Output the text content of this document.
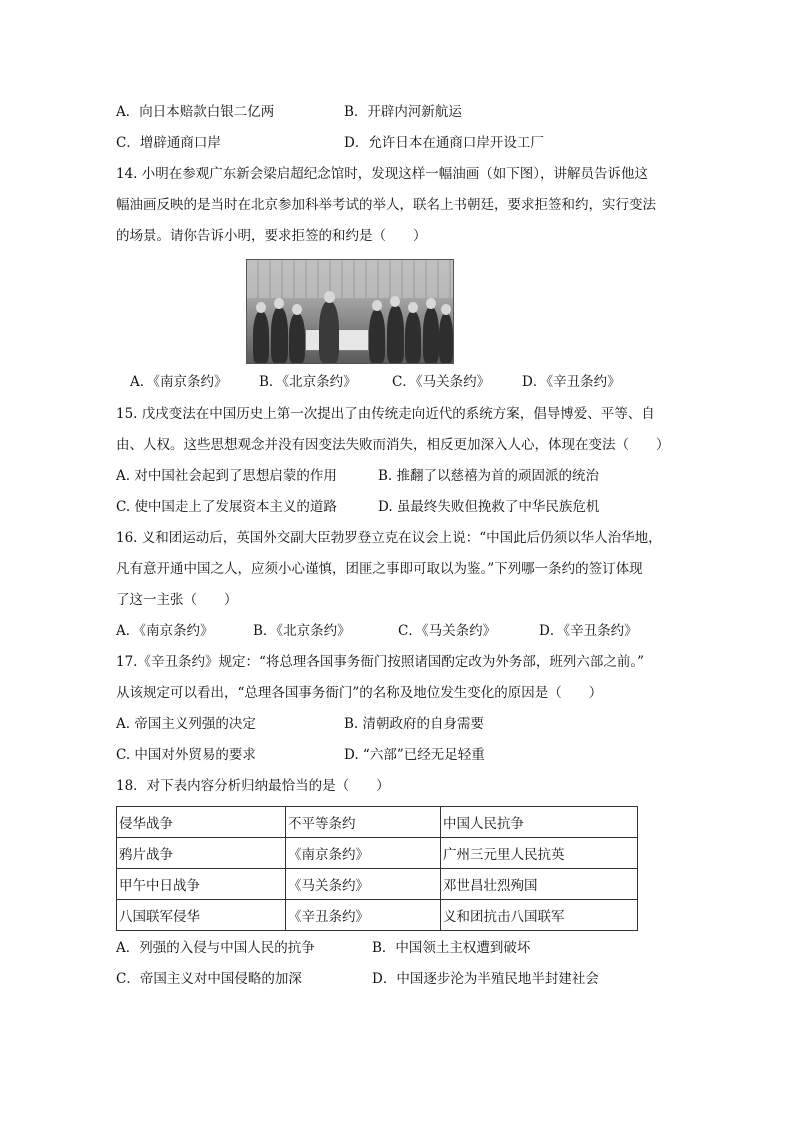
A．向日本赔款白银二亿两	B．开辟内河新航运
C．增辟通商口岸	D．允许日本在通商口岸开设工厂
14. 小明在参观广东新会梁启超纪念馆时，发现这样一幅油画（如下图），讲解员告诉他这
幅油画反映的是当时在北京参加科举考试的举人，联名上书朝廷，要求拒签和约，实行变法
的场景。请你告诉小明，要求拒签的和约是（　　）
A．《南京条约》 B．《北京条约》	C．《马关条约》 D．《辛丑条约》
15. 戊戌变法在中国历史上第一次提出了由传统走向近代的系统方案，倡导博爱、平等、自
由、人权。这些思想观念并没有因变法失败而消失，相反更加深入人心，体现在变法（　　）
A. 对中国社会起到了思想启蒙的作用	B. 推翻了以慈禧为首的顽固派的统治
C. 使中国走上了发展资本主义的道路	D. 虽最终失败但挽救了中华民族危机
16. 义和团运动后，英国外交副大臣勃罗登立克在议会上说：“中国此后仍须以华人治华地，
凡有意开通中国之人，应须小心谨慎，团匪之事即可取以为鉴。”下列哪一条约的签订体现
了这一主张（　　）
A．《南京条约》	B．《北京条约》	C．《马关条约》	D．《辛丑条约》
17.《辛丑条约》规定：“将总理各国事务衙门按照诸国酌定改为外务部，班列六部之前。”
从该规定可以看出，“总理各国事务衙门”的名称及地位发生变化的原因是（　　）
A. 帝国主义列强的决定	B. 清朝政府的自身需要
C. 中国对外贸易的要求	D. “六部”已经无足轻重
18．对下表内容分析归纳最恰当的是（　　）
侵华战争	不平等条约	中国人民抗争
鸦片战争	《南京条约》	广州三元里人民抗英
甲午中日战争	《马关条约》	邓世昌壮烈殉国
八国联军侵华	《辛丑条约》	义和团抗击八国联军
A．列强的入侵与中国人民的抗争	B．中国领土主权遭到破坏
C．帝国主义对中国侵略的加深	D．中国逐步沦为半殖民地半封建社会
